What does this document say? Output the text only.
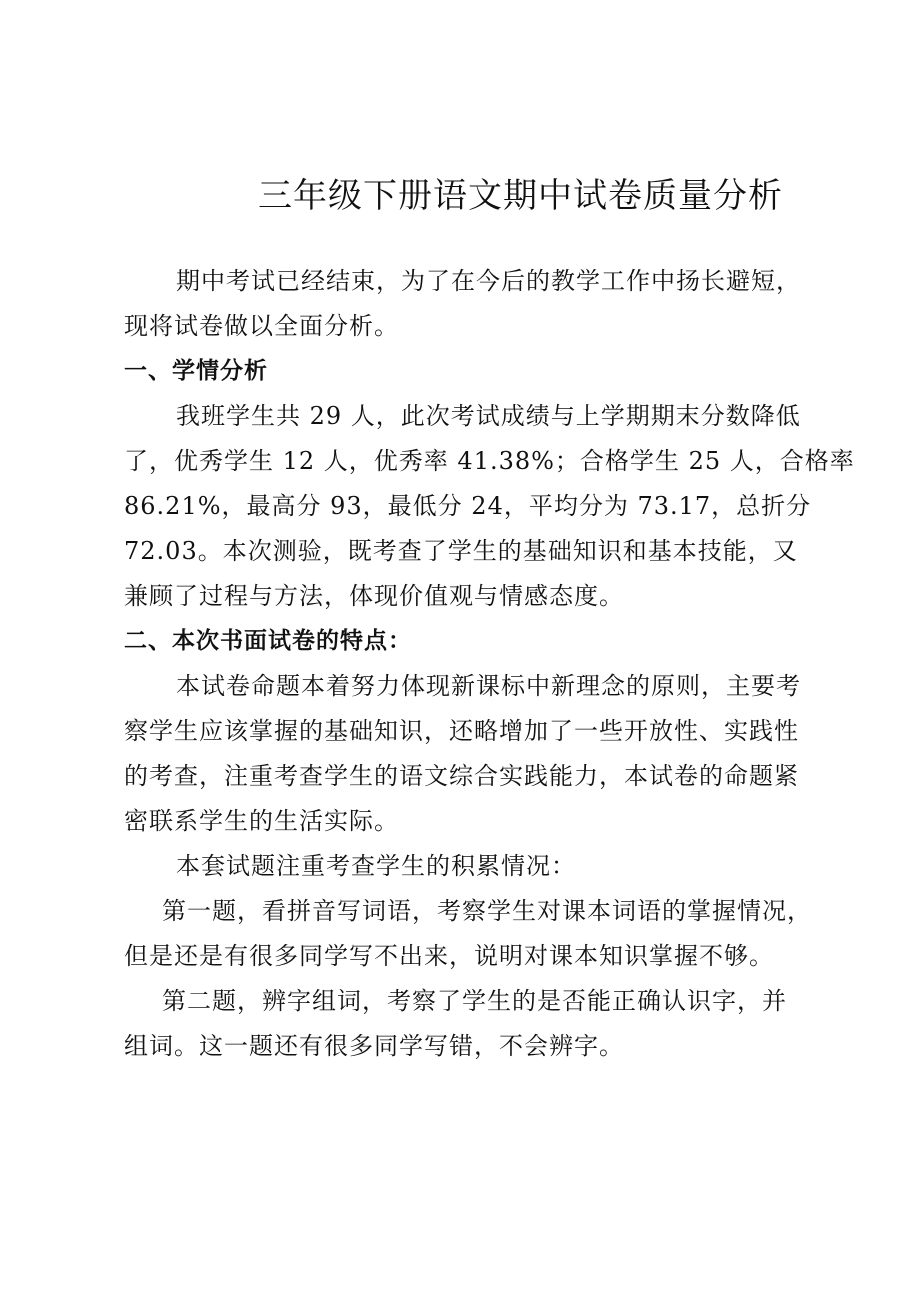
三年级下册语文期中试卷质量分析

期中考试已经结束，为了在今后的教学工作中扬长避短，

现将试卷做以全面分析。

一、学情分析

我班学生共 29 人，此次考试成绩与上学期期末分数降低

了，优秀学生 12 人，优秀率 41.38%；合格学生 25 人，合格率

86.21%，最高分 93，最低分 24，平均分为 73.17，总折分

72.03。本次测验，既考查了学生的基础知识和基本技能，又

兼顾了过程与方法，体现价值观与情感态度。

二、本次书面试卷的特点：

本试卷命题本着努力体现新课标中新理念的原则，主要考

察学生应该掌握的基础知识，还略增加了一些开放性、实践性

的考查，注重考查学生的语文综合实践能力，本试卷的命题紧

密联系学生的生活实际。

本套试题注重考查学生的积累情况：

第一题，看拼音写词语，考察学生对课本词语的掌握情况，

但是还是有很多同学写不出来，说明对课本知识掌握不够。

第二题，辨字组词，考察了学生的是否能正确认识字，并

组词。这一题还有很多同学写错，不会辨字。
